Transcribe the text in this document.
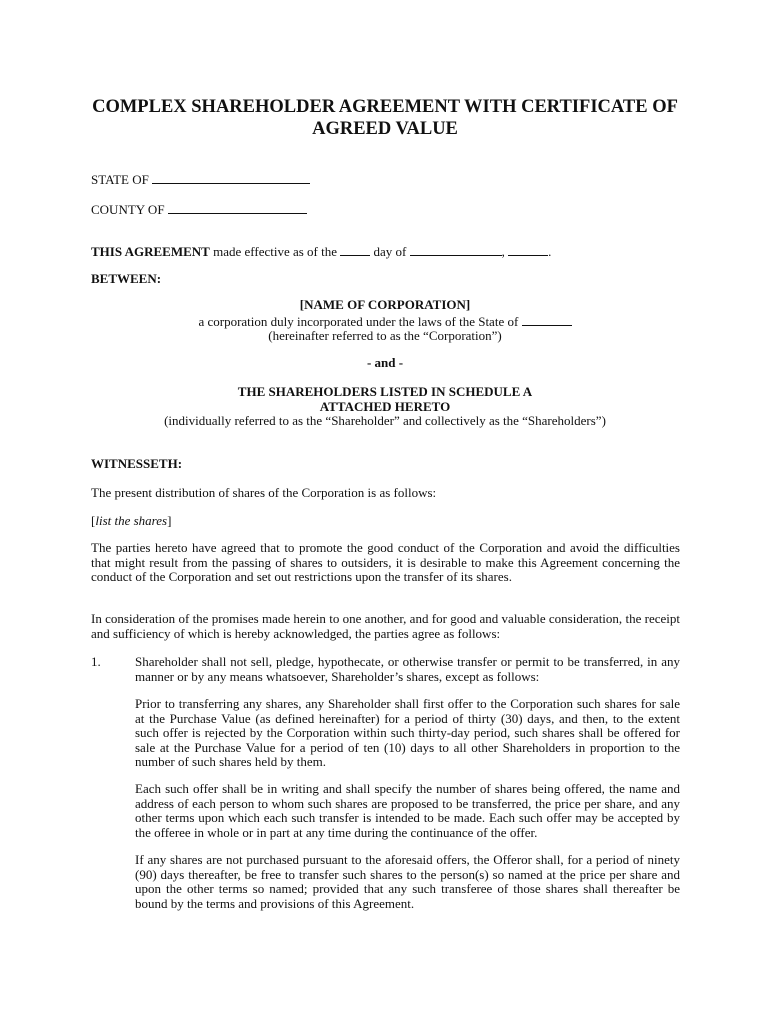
COMPLEX SHAREHOLDER AGREEMENT WITH CERTIFICATE OF
AGREED VALUE
STATE OF
COUNTY OF
THIS AGREEMENT made effective as of the  day of	,	.
BETWEEN:
[NAME OF CORPORATION]
a corporation duly incorporated under the laws of the State of
(hereinafter referred to as the “Corporation”)
- and -
THE SHAREHOLDERS LISTED IN SCHEDULE A
ATTACHED HERETO
(individually referred to as the “Shareholder” and collectively as the “Shareholders”)
WITNESSETH:
The present distribution of shares of the Corporation is as follows:
[list the shares]
The parties hereto have agreed that to promote the good conduct of the Corporation and avoid the difficulties that might result from the passing of shares to outsiders, it is desirable to make this Agreement concerning the conduct of the Corporation and set out restrictions upon the transfer of its shares.
In consideration of the promises made herein to one another, and for good and valuable consideration, the receipt and sufficiency of which is hereby acknowledged, the parties agree as follows:
1.	Shareholder shall not sell, pledge, hypothecate, or otherwise transfer or permit to be transferred, in any manner or by any means whatsoever, Shareholder’s shares, except as follows:
Prior to transferring any shares, any Shareholder shall first offer to the Corporation such shares for sale at the Purchase Value (as defined hereinafter) for a period of thirty (30) days, and then, to the extent such offer is rejected by the Corporation within such thirty-day period, such shares shall be offered for sale at the Purchase Value for a period of ten (10) days to all other Shareholders in proportion to the number of such shares held by them.
Each such offer shall be in writing and shall specify the number of shares being offered, the name and address of each person to whom such shares are proposed to be transferred, the price per share, and any other terms upon which each such transfer is intended to be made. Each such offer may be accepted by the offeree in whole or in part at any time during the continuance of the offer.
If any shares are not purchased pursuant to the aforesaid offers, the Offeror shall, for a period of ninety (90) days thereafter, be free to transfer such shares to the person(s) so named at the price per share and upon the other terms so named; provided that any such transferee of those shares shall thereafter be bound by the terms and provisions of this Agreement.
